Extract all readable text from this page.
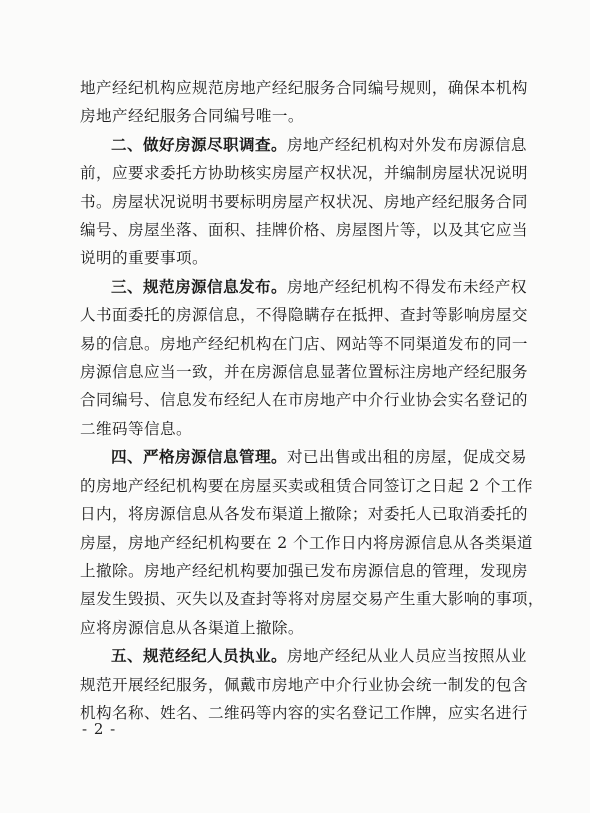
地产经纪机构应规范房地产经纪服务合同编号规则，确保本机构
房地产经纪服务合同编号唯一。
二、做好房源尽职调查。房地产经纪机构对外发布房源信息
前，应要求委托方协助核实房屋产权状况，并编制房屋状况说明
书。房屋状况说明书要标明房屋产权状况、房地产经纪服务合同
编号、房屋坐落、面积、挂牌价格、房屋图片等，以及其它应当
说明的重要事项。
三、规范房源信息发布。房地产经纪机构不得发布未经产权
人书面委托的房源信息，不得隐瞒存在抵押、查封等影响房屋交
易的信息。房地产经纪机构在门店、网站等不同渠道发布的同一
房源信息应当一致，并在房源信息显著位置标注房地产经纪服务
合同编号、信息发布经纪人在市房地产中介行业协会实名登记的
二维码等信息。
四、严格房源信息管理。对已出售或出租的房屋，促成交易
的房地产经纪机构要在房屋买卖或租赁合同签订之日起 2 个工作
日内，将房源信息从各发布渠道上撤除；对委托人已取消委托的
房屋，房地产经纪机构要在 2 个工作日内将房源信息从各类渠道
上撤除。房地产经纪机构要加强已发布房源信息的管理，发现房
屋发生毁损、灭失以及查封等将对房屋交易产生重大影响的事项，
应将房源信息从各渠道上撤除。
五、规范经纪人员执业。房地产经纪从业人员应当按照从业
规范开展经纪服务，佩戴市房地产中介行业协会统一制发的包含
机构名称、姓名、二维码等内容的实名登记工作牌，应实名进行
- 2 -
